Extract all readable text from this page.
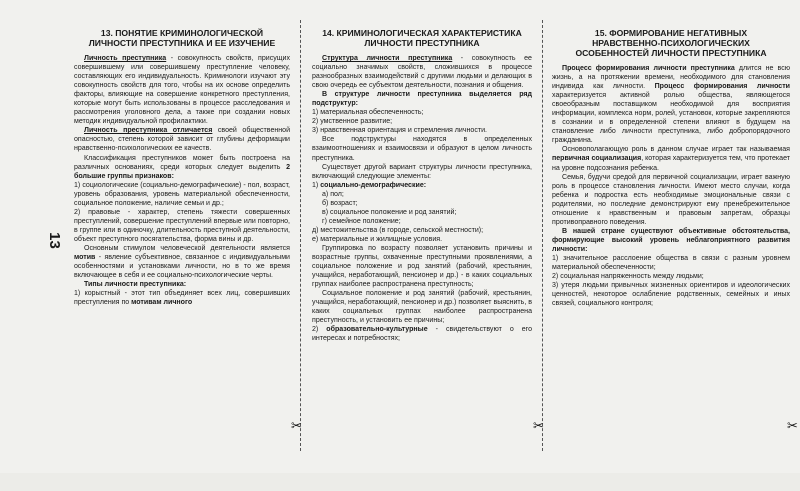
13
✂	✂	✂
13. ПОНЯТИЕ КРИМИНОЛОГИЧЕСКОЙ
ЛИЧНОСТИ ПРЕСТУПНИКА И ЕЕ ИЗУЧЕНИЕ

Личность преступника - совокупность свойств, присущих совершившему или совершившему преступление человеку, составляющих его индивидуальность. Криминологи изучают эту совокупность свойств для того, чтобы на их основе определить факторы, влияющие на совершение конкретного преступления, которые могут быть использованы в процессе расследования и рассмотрения уголовного дела, а также при создании новых методик индивидуальной профилактики.

Личность преступника отличается своей общественной опасностью, степень которой зависит от глубины деформации нравственно-психологических ее качеств.

Классификация преступников может быть построена на различных основаниях, среди которых следует выделить 2 большие группы признаков:

1) социологические (социально-демографические) - пол, возраст, уровень образования, уровень материальной обеспеченности, социальное положение, наличие семьи и др.;

2) правовые - характер, степень тяжести совершенных преступлений, совершение преступлений впервые или повторно, в группе или в одиночку, длительность преступной деятельности, объект преступного посягательства, форма вины и др.

Основным стимулом человеческой деятельности является мотив - явление субъективное, связанное с индивидуальными особенностями и установками личности, но в то же время включающее в себя и ее социально-психологические черты.

Типы личности преступника:

1) корыстный - этот тип объединяет всех лиц, совершивших преступления по мотивам личного

14. КРИМИНОЛОГИЧЕСКАЯ ХАРАКТЕРИСТИКА
ЛИЧНОСТИ ПРЕСТУПНИКА

Структура личности преступника - совокупность ее социально значимых свойств, сложившихся в процессе разнообразных взаимодействий с другими людьми и делающих в свою очередь ее субъектом деятельности, познания и общения.

В структуре личности преступника выделяется ряд подструктур:

1) материальная обеспеченность;

2) умственное развитие;

3) нравственная ориентация и стремления личности.

Все подструктуры находятся в определенных взаимоотношениях и взаимосвязи и образуют в целом личность преступника.

Существует другой вариант структуры личности преступника, включающий следующие элементы:

1) социально-демографические:

а) пол;

б) возраст;

в) социальное положение и род занятий;

г) семейное положение;

д) местожительства (в городе, сельской местности);

е) материальные и жилищные условия.

Группировка по возрасту позволяет установить причины и возрастные группы, охваченные преступными проявлениями, а социальное положение и род занятий (рабочий, крестьянин, учащийся, неработающий, пенсионер и др.) - в каких социальных группах наиболее распространена преступность;

Социальное положение и род занятий (рабочий, крестьянин, учащийся, неработающий, пенсионер и др.) позволяет выяснить, в каких социальных группах наиболее распространена преступность, и установить ее причины;

2) образовательно-культурные - свидетельствуют о его интересах и потребностях;

15. ФОРМИРОВАНИЕ НЕГАТИВНЫХ
НРАВСТВЕННО-ПСИХОЛОГИЧЕСКИХ
ОСОБЕННОСТЕЙ ЛИЧНОСТИ ПРЕСТУПНИКА

Процесс формирования личности преступника длится не всю жизнь, а на протяжении времени, необходимого для становления индивида как личности. Процесс формирования личности характеризуется активной ролью общества, являющегося своеобразным поставщиком необходимой для восприятия информации, комплекса норм, ролей, установок, которые закрепляются в сознании и в определенной степени влияют в будущем на становление либо личности преступника, либо добропорядочного гражданина.

Основополагающую роль в данном случае играет так называемая первичная социализация, которая характеризуется тем, что протекает на уровне подсознания ребенка.

Семья, будучи средой для первичной социализации, играет важную роль в процессе становления личности. Имеют место случаи, когда ребенка и подростка есть необходимые эмоциональные связи с родителями, но последние демонстрируют ему пренебрежительное отношение к нравственным и правовым запретам, образцы противоправного поведения.

В нашей стране существуют объективные обстоятельства, формирующие высокий уровень неблагоприятного развития личности:

1) значительное расслоение общества в связи с разным уровнем материальной обеспеченности;

2) социальная напряженность между людьми;

3) утеря людьми привычных жизненных ориентиров и идеологических ценностей, некоторое ослабление родственных, семейных и иных связей, социального контроля;
